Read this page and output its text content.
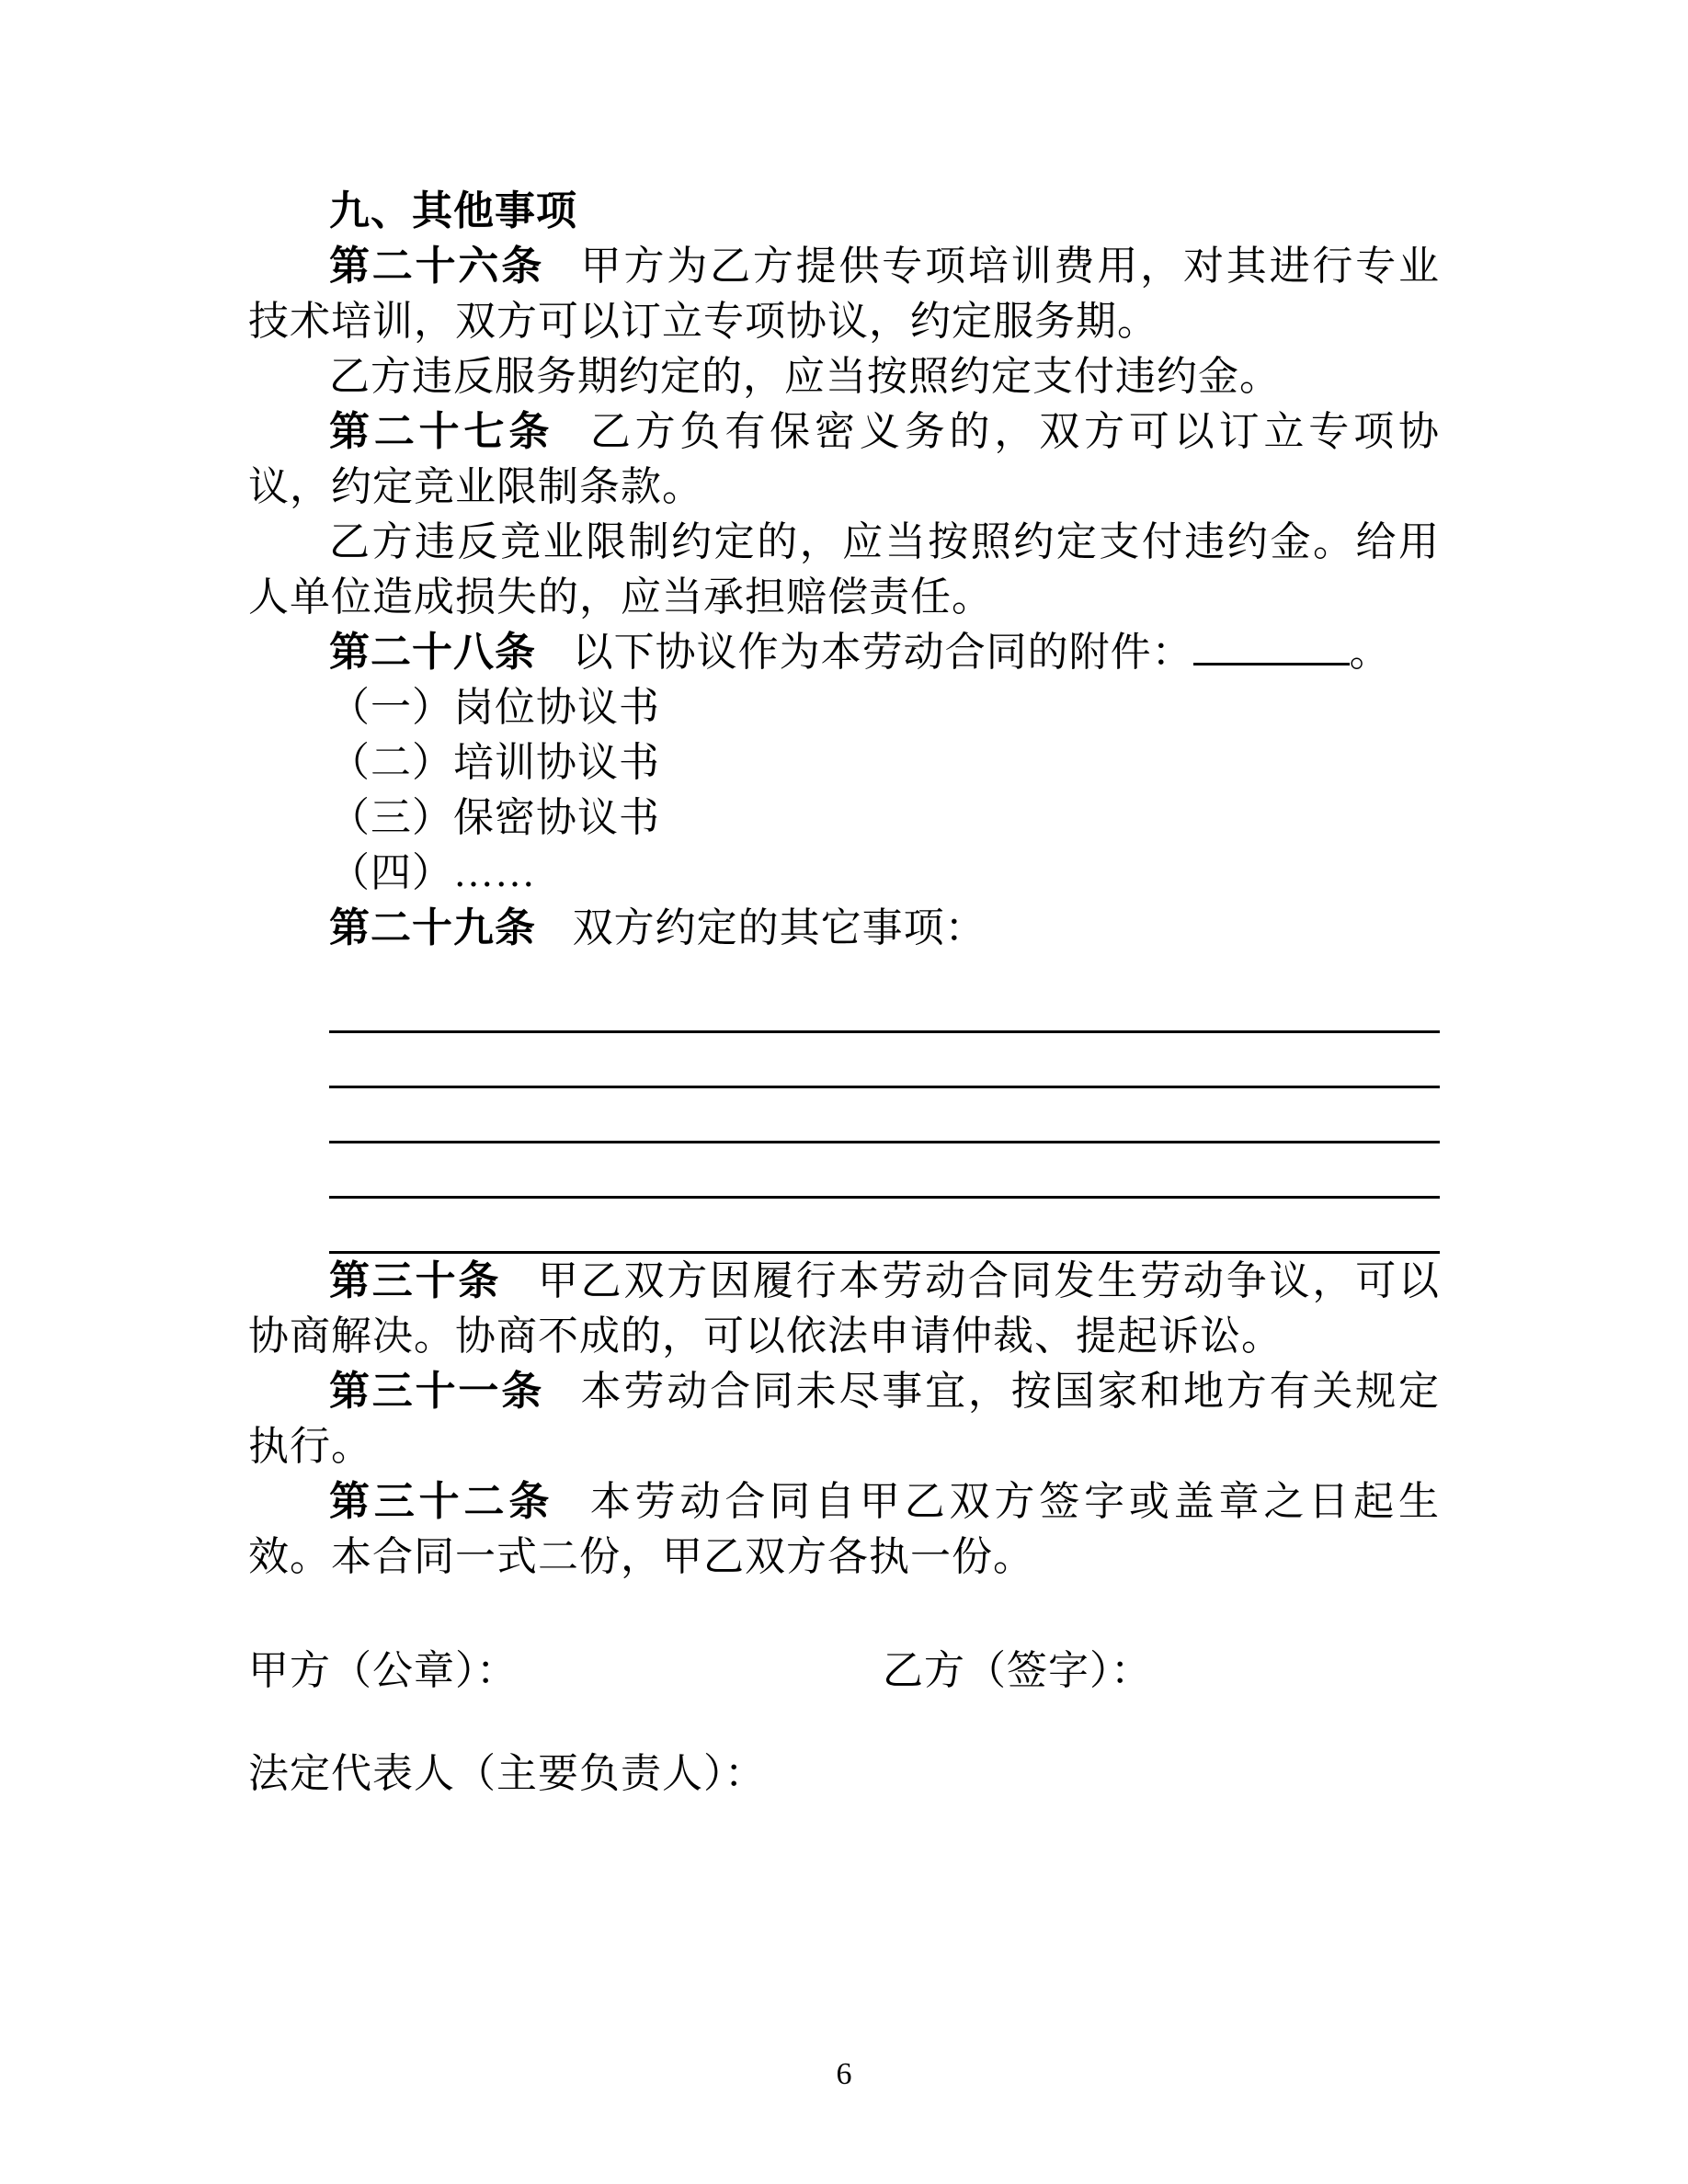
九、其他事项

第二十六条 甲方为乙方提供专项培训费用，对其进行专业技术培训，双方可以订立专项协议，约定服务期。

乙方违反服务期约定的，应当按照约定支付违约金。

第二十七条 乙方负有保密义务的，双方可以订立专项协议，约定竞业限制条款。

乙方违反竞业限制约定的，应当按照约定支付违约金。给用人单位造成损失的，应当承担赔偿责任。

第二十八条 以下协议作为本劳动合同的附件：	。

（一）岗位协议书

（二）培训协议书

（三）保密协议书

（四）……

第二十九条 双方约定的其它事项：

第三十条 甲乙双方因履行本劳动合同发生劳动争议，可以协商解决。协商不成的，可以依法申请仲裁、提起诉讼。

第三十一条 本劳动合同未尽事宜，按国家和地方有关规定执行。

第三十二条 本劳动合同自甲乙双方签字或盖章之日起生效。本合同一式二份，甲乙双方各执一份。

甲方（公章）：	乙方（签字）：
法定代表人（主要负责人）：
6
